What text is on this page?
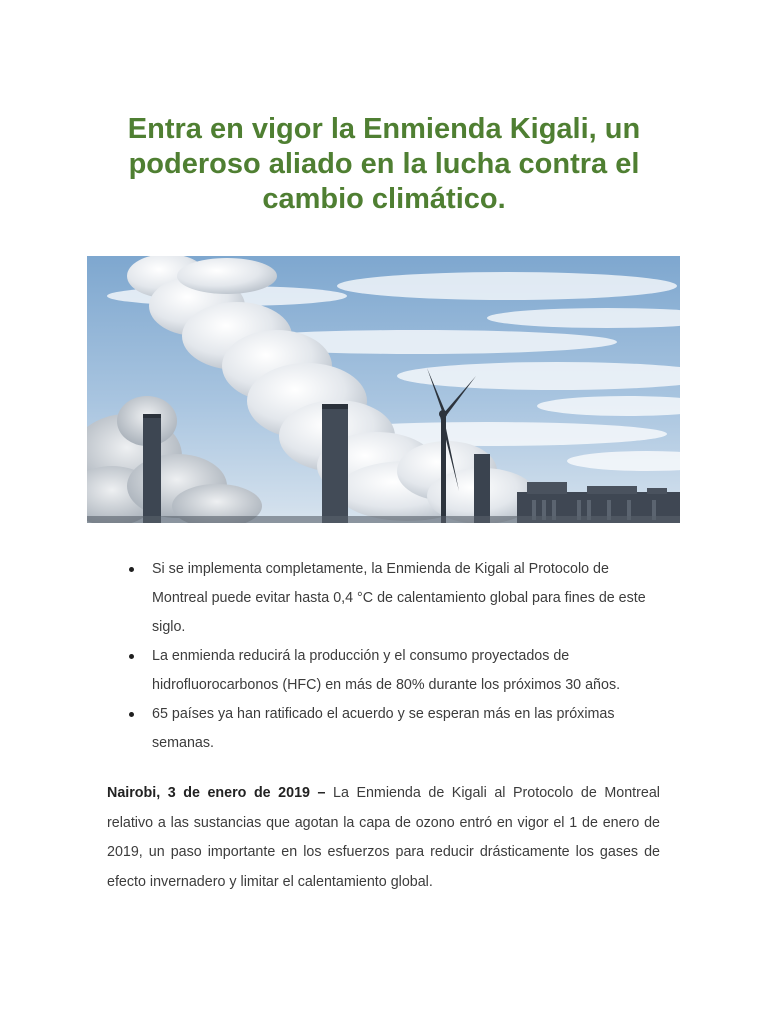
Entra en vigor la Enmienda Kigali, un poderoso aliado en la lucha contra el cambio climático.
Si se implementa completamente, la Enmienda de Kigali al Protocolo de Montreal puede evitar hasta 0,4 °C de calentamiento global para fines de este siglo.
La enmienda reducirá la producción y el consumo proyectados de hidrofluorocarbonos (HFC) en más de 80% durante los próximos 30 años.
65 países ya han ratificado el acuerdo y se esperan más en las próximas semanas.

Nairobi, 3 de enero de 2019 – La Enmienda de Kigali al Protocolo de Montreal relativo a las sustancias que agotan la capa de ozono entró en vigor el 1 de enero de 2019, un paso importante en los esfuerzos para reducir drásticamente los gases de efecto invernadero y limitar el calentamiento global.
